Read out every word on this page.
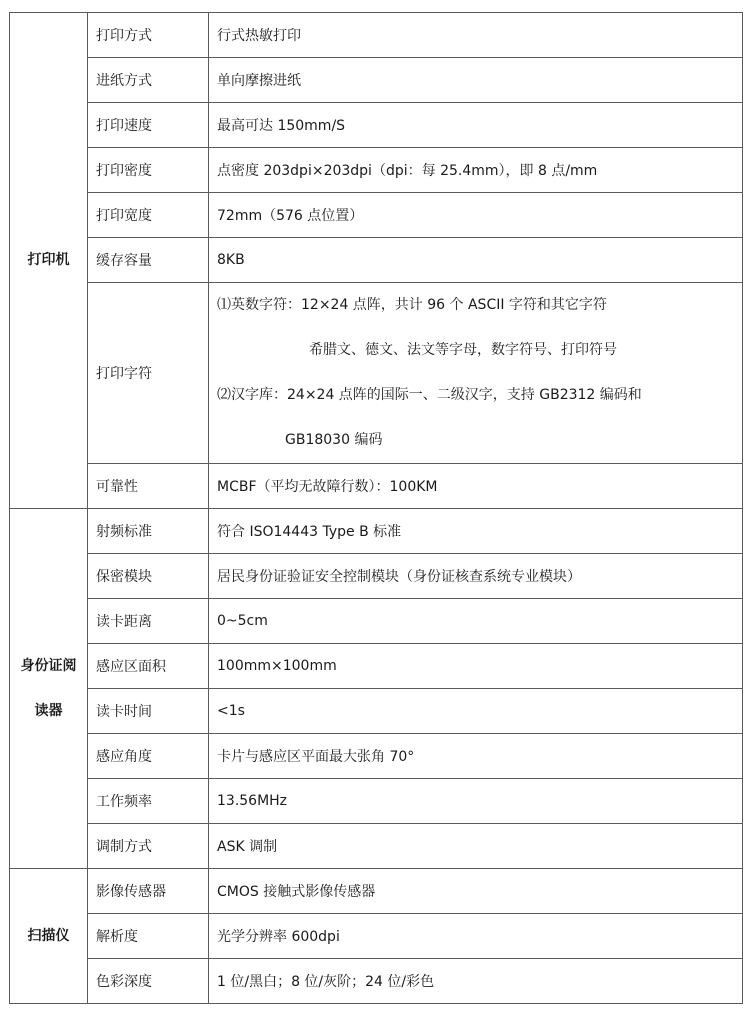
打印机	打印方式	行式热敏打印
	进纸方式	单向摩擦进纸
	打印速度	最高可达 150mm/S
	打印密度	点密度 203dpi×203dpi（dpi：每 25.4mm），即 8 点/mm
	打印宽度	72mm（576 点位置）
	缓存容量	8KB
	打印字符	⑴英数字符：12×24 点阵，共计 96 个 ASCII 字符和其它字符
希腊文、德文、法文等字母，数字符号、打印符号
⑵汉字库：24×24 点阵的国际一、二级汉字，支持 GB2312 编码和
GB18030 编码

	可靠性	MCBF（平均无故障行数）：100KM

身份证阅
读器	射频标准	符合 ISO14443 Type B 标准
	保密模块	居民身份证验证安全控制模块（身份证核查系统专业模块）
	读卡距离	0~5cm
	感应区面积	100mm×100mm
	读卡时间	<1s
	感应角度	卡片与感应区平面最大张角 70°
	工作频率	13.56MHz
	调制方式	ASK 调制

扫描仪	影像传感器	CMOS 接触式影像传感器
	解析度	光学分辨率 600dpi
	色彩深度	1 位/黑白；8 位/灰阶；24 位/彩色
